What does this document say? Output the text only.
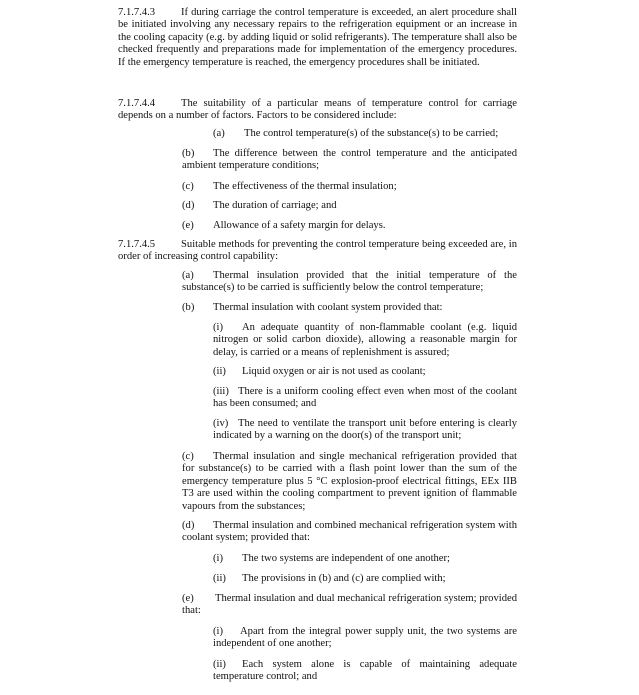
7.1.7.4.3 If during carriage the control temperature is exceeded, an alert procedure shall be initiated involving any necessary repairs to the refrigeration equipment or an increase in the cooling capacity (e.g. by adding liquid or solid refrigerants). The temperature shall also be checked frequently and preparations made for implementation of the emergency procedures. If the emergency temperature is reached, the emergency procedures shall be initiated.

7.1.7.4.4 The suitability of a particular means of temperature control for carriage depends on a number of factors. Factors to be considered include:

(a) The control temperature(s) of the substance(s) to be carried;

(b) The difference between the control temperature and the anticipated ambient temperature conditions;

(c) The effectiveness of the thermal insulation;

(d) The duration of carriage; and

(e) Allowance of a safety margin for delays.

7.1.7.4.5 Suitable methods for preventing the control temperature being exceeded are, in order of increasing control capability:

(a) Thermal insulation provided that the initial temperature of the substance(s) to be carried is sufficiently below the control temperature;

(b) Thermal insulation with coolant system provided that:

(i) An adequate quantity of non-flammable coolant (e.g. liquid nitrogen or solid carbon dioxide), allowing a reasonable margin for delay, is carried or a means of replenishment is assured;

(ii) Liquid oxygen or air is not used as coolant;

(iii) There is a uniform cooling effect even when most of the coolant has been consumed; and

(iv) The need to ventilate the transport unit before entering is clearly indicated by a warning on the door(s) of the transport unit;

(c) Thermal insulation and single mechanical refrigeration provided that for substance(s) to be carried with a flash point lower than the sum of the emergency temperature plus 5 °C explosion-proof electrical fittings, EEx IIB T3 are used within the cooling compartment to prevent ignition of flammable vapours from the substances;

(d) Thermal insulation and combined mechanical refrigeration system with coolant system; provided that:

(i) The two systems are independent of one another;

(ii) The provisions in (b) and (c) are complied with;

(e) Thermal insulation and dual mechanical refrigeration system; provided that:

(i) Apart from the integral power supply unit, the two systems are independent of one another;

(ii) Each system alone is capable of maintaining adequate temperature control; and
